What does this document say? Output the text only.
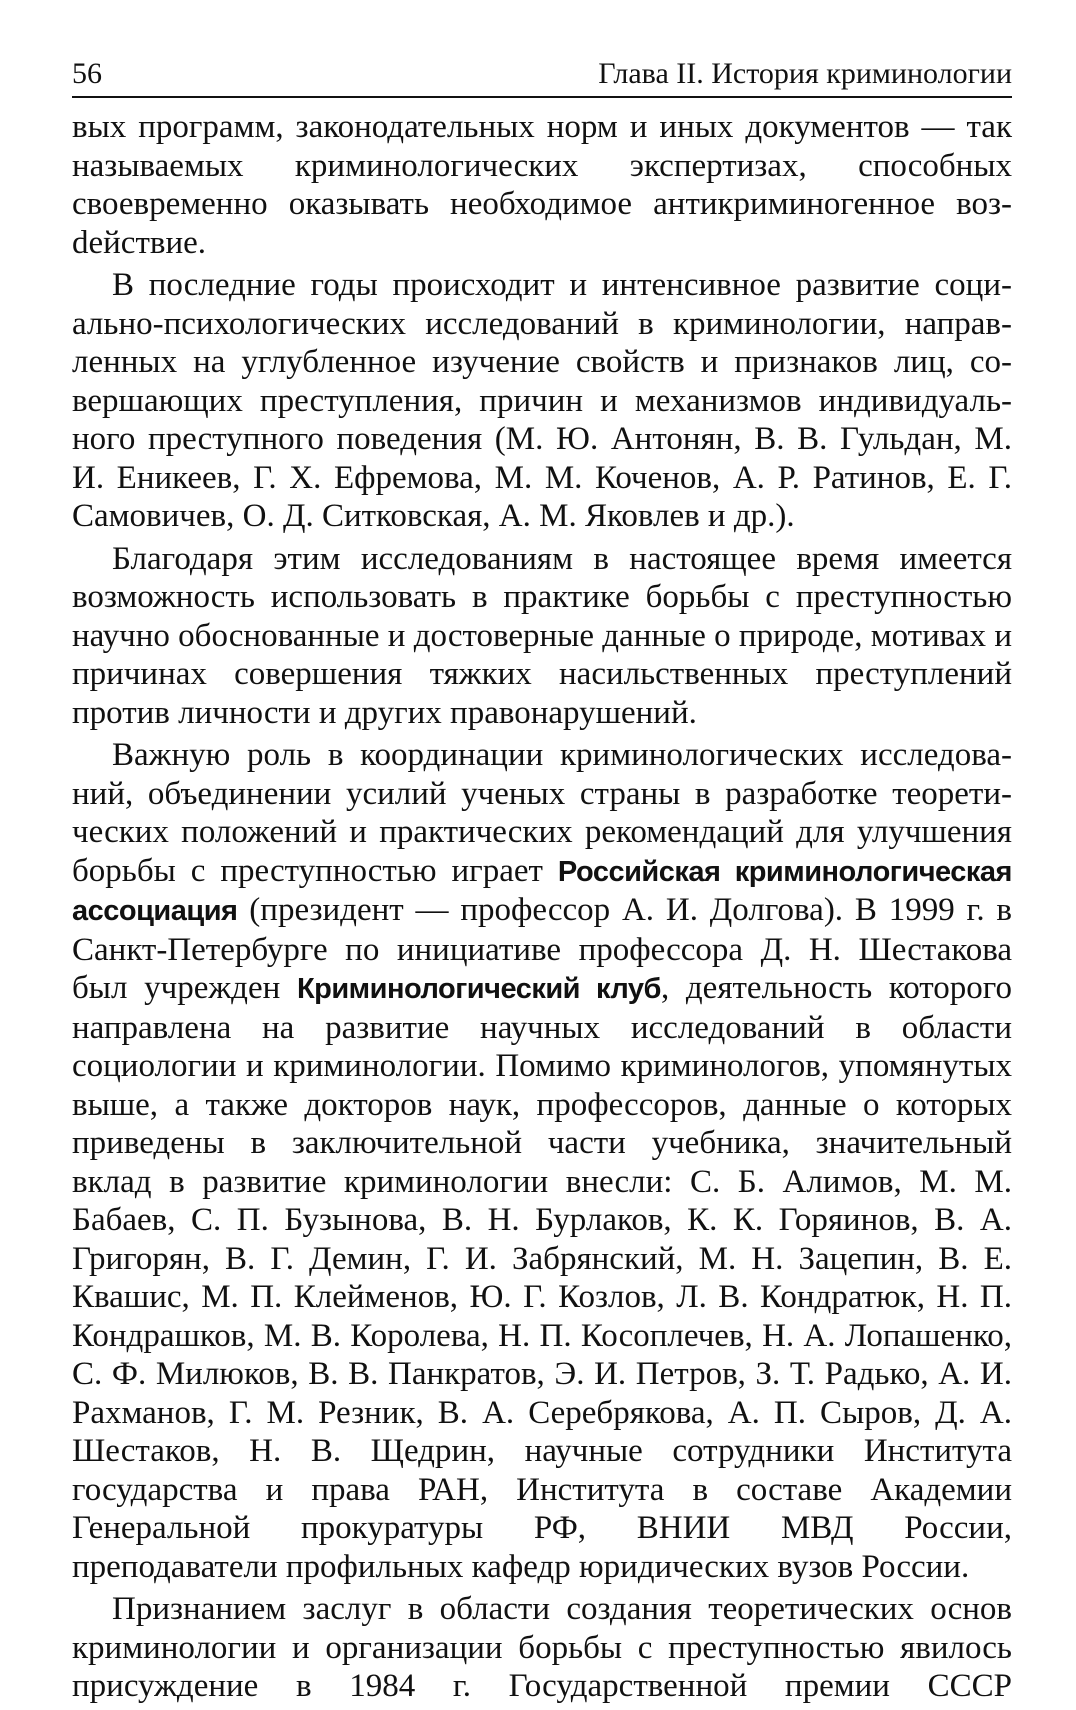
56	Глава II. История криминологии

вых программ, законодательных норм и иных документов — так называемых криминологических экспертизах, способных своевременно оказывать необходимое антикриминогенное возdействие.

В последние годы происходит и интенсивное развитие социально-психологических исследований в криминологии, направленных на углубленное изучение свойств и признаков лиц, совершающих преступления, причин и механизмов индивидуального преступного поведения (М. Ю. Антонян, В. В. Гульдан, М. И. Еникеев, Г. Х. Ефремова, М. М. Коченов, А. Р. Ратинов, Е. Г. Самовичев, О. Д. Ситковская, А. М. Яковлев и др.).

Благодаря этим исследованиям в настоящее время имеется возможность использовать в практике борьбы с преступностью научно обоснованные и достоверные данные о природе, мотивах и причинах совершения тяжких насильственных преступлений против личности и других правонарушений.

Важную роль в координации криминологических исследований, объединении усилий ученых страны в разработке теоретических положений и практических рекомендаций для улучшения борьбы с преступностью играет Российская криминологическая ассоциация (президент — профессор А. И. Долгова). В 1999 г. в Санкт-Петербурге по инициативе профессора Д. Н. Шестакова был учрежден Криминологический клуб, деятельность которого направлена на развитие научных исследований в области социологии и криминологии. Помимо криминологов, упомянутых выше, а также докторов наук, профессоров, данные о которых приведены в заключительной части учебника, значительный вклад в развитие криминологии внесли: С. Б. Алимов, М. М. Бабаев, С. П. Бузынова, В. Н. Бурлаков, К. К. Горяинов, В. А. Григорян, В. Г. Демин, Г. И. Забрянский, М. Н. Зацепин, В. Е. Квашис, М. П. Клейменов, Ю. Г. Козлов, Л. В. Кондратюк, Н. П. Кондрашков, М. В. Королева, Н. П. Косоплечев, Н. А. Лопашенко, С. Ф. Милюков, В. В. Панкратов, Э. И. Петров, З. Т. Радько, А. И. Рахманов, Г. М. Резник, В. А. Серебрякова, А. П. Сыров, Д. А. Шестаков, Н. В. Щедрин, научные сотрудники Института государства и права РАН, Института в составе Академии Генеральной прокуратуры РФ, ВНИИ МВД России, преподаватели профильных кафедр юридических вузов России.

Признанием заслуг в области создания теоретических основ криминологии и организации борьбы с преступностью явилось присуждение в 1984 г. Государственной премии СССР
